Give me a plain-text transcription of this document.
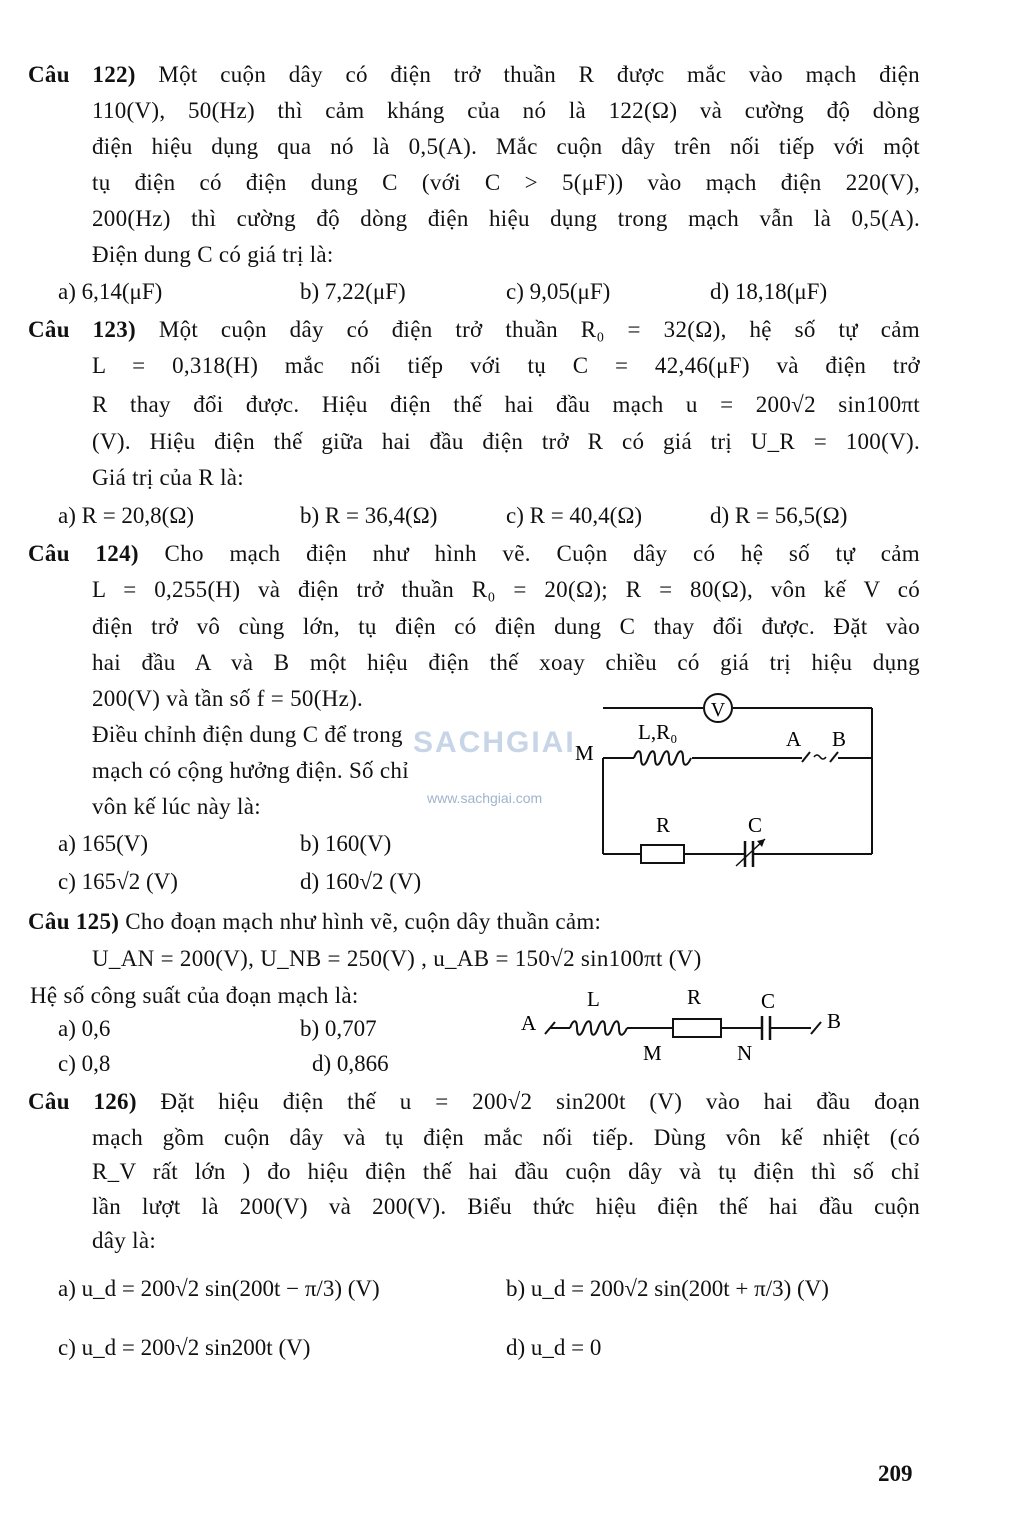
Câu 122) Một cuộn dây có điện trở thuần R được mắc vào mạch điện
110(V), 50(Hz) thì cảm kháng của nó là 122(Ω) và cường độ dòng
điện hiệu dụng qua nó là 0,5(A). Mắc cuộn dây trên nối tiếp với một
tụ điện có điện dung C (với C > 5(μF)) vào mạch điện 220(V),
200(Hz) thì cường độ dòng điện hiệu dụng trong mạch vẫn là 0,5(A).
Điện dung C có giá trị là:
a) 6,14(μF)	b) 7,22(μF)	c) 9,05(μF)	d) 18,18(μF)
Câu 123) Một cuộn dây có điện trở thuần R₀ = 32(Ω), hệ số tự cảm
L = 0,318(H) mắc nối tiếp với tụ C = 42,46(μF) và điện trở
R thay đổi được. Hiệu điện thế hai đầu mạch u = 200√2 sin100πt
(V). Hiệu điện thế giữa hai đầu điện trở R có giá trị U_R = 100(V).
Giá trị của R là:
a) R = 20,8(Ω)	b) R = 36,4(Ω)	c) R = 40,4(Ω)	d) R = 56,5(Ω)
Câu 124) Cho mạch điện như hình vẽ. Cuộn dây có hệ số tự cảm
L = 0,255(H) và điện trở thuần R₀ = 20(Ω); R = 80(Ω), vôn kế V có
điện trở vô cùng lớn, tụ điện có điện dung C thay đổi được. Đặt vào
hai đầu A và B một hiệu điện thế xoay chiều có giá trị hiệu dụng
200(V) và tần số f = 50(Hz).
Điều chỉnh điện dung C để trong
mạch có cộng hưởng điện. Số chỉ
vôn kế lúc này là:
a) 165(V)	b) 160(V)
c) 165√2 (V)	d) 160√2 (V)
SACHGIAI
www.sachgiai.com
V
L,R₀
M
A B
R	C
Câu 125) Cho đoạn mạch như hình vẽ, cuộn dây thuần cảm:
U_AN = 200(V), U_NB = 250(V) , u_AB = 150√2 sin100πt (V)
Hệ số công suất của đoạn mạch là:
a) 0,6	b) 0,707
c) 0,8	d) 0,866
A
L	R	C
B
M	N
Câu 126) Đặt hiệu điện thế u = 200√2 sin200t (V) vào hai đầu đoạn
mạch gồm cuộn dây và tụ điện mắc nối tiếp. Dùng vôn kế nhiệt (có
R_V rất lớn ) đo hiệu điện thế hai đầu cuộn dây và tụ điện thì số chỉ
lần lượt là 200(V) và 200(V). Biểu thức hiệu điện thế hai đầu cuộn
dây là:
a) u_d = 200√2 sin(200t − π/3) (V)	b) u_d = 200√2 sin(200t + π/3) (V)
c) u_d = 200√2 sin200t (V)	d) u_d = 0
209
